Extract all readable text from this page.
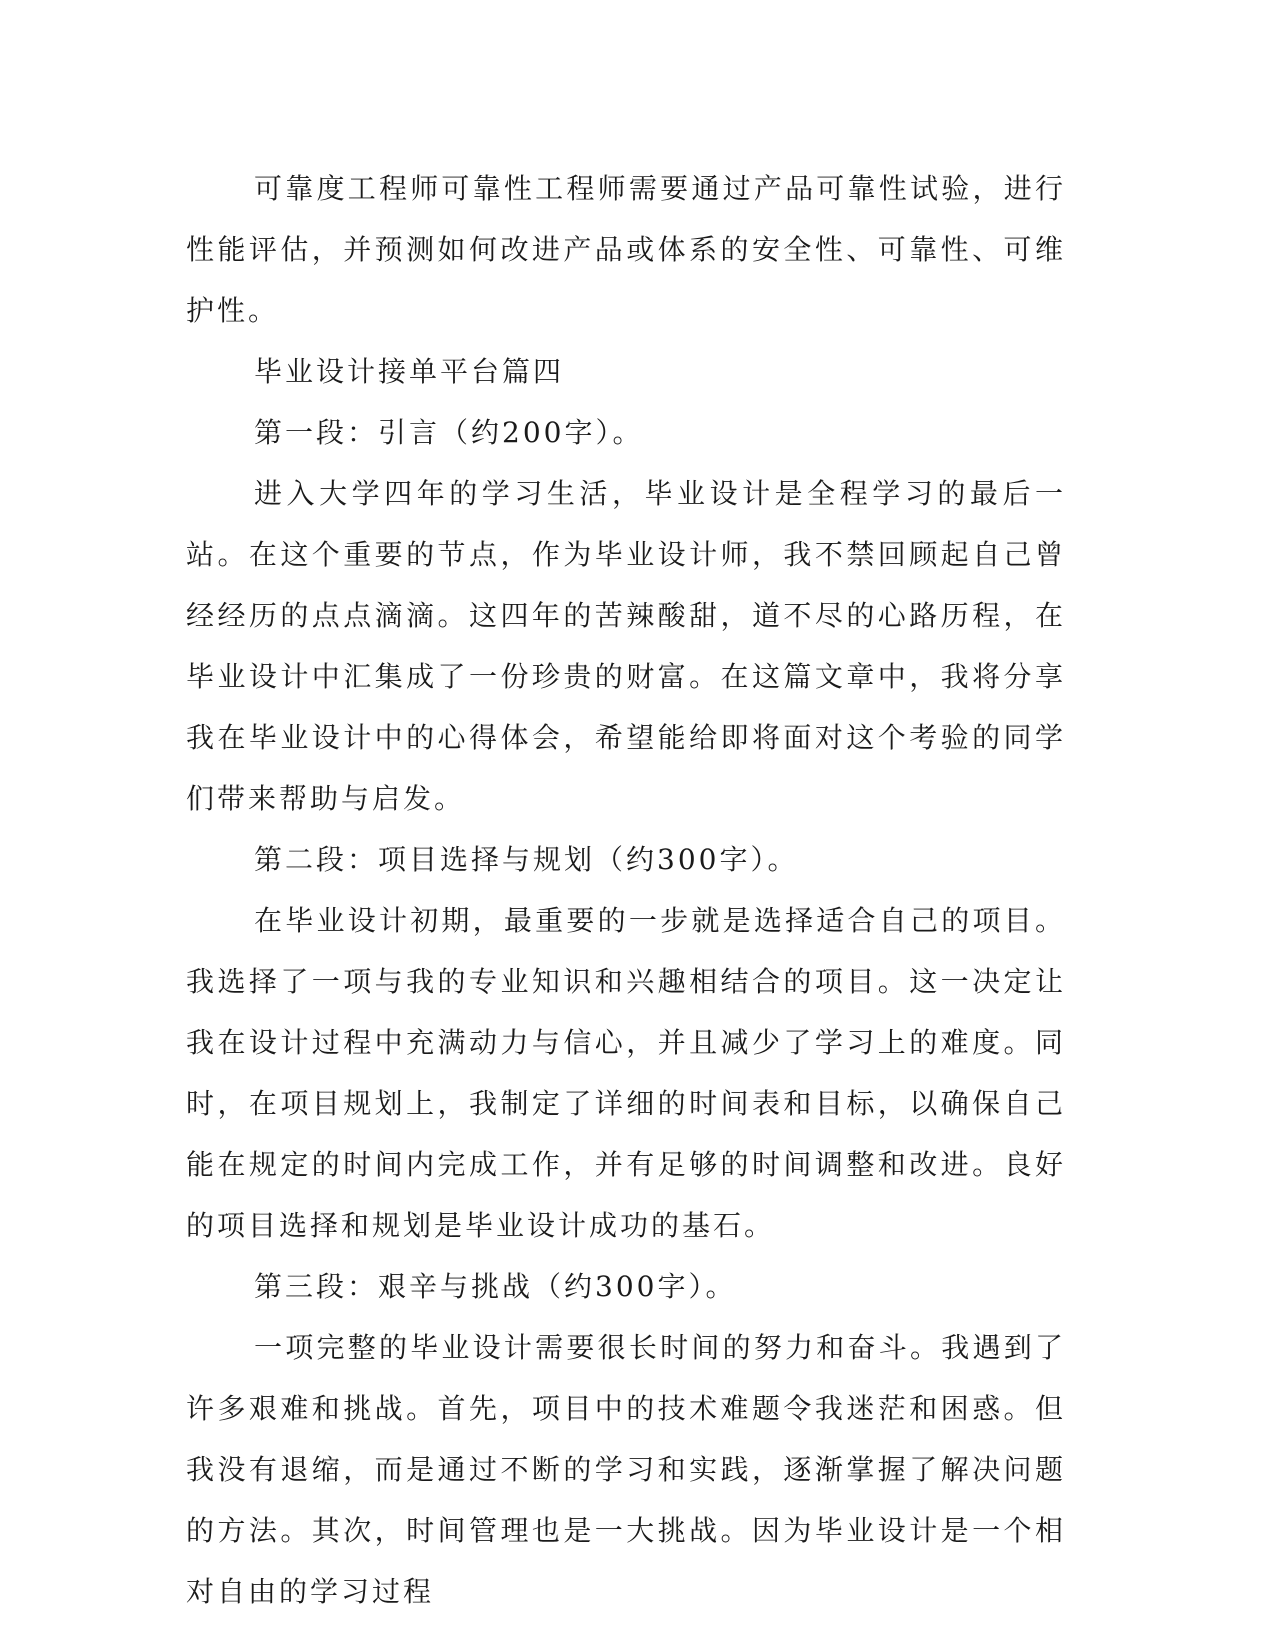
可靠度工程师可靠性工程师需要通过产品可靠性试验，进行性能评估，并预测如何改进产品或体系的安全性、可靠性、可维护性。

毕业设计接单平台篇四

第一段：引言（约200字）。

进入大学四年的学习生活，毕业设计是全程学习的最后一站。在这个重要的节点，作为毕业设计师，我不禁回顾起自己曾经经历的点点滴滴。这四年的苦辣酸甜，道不尽的心路历程，在毕业设计中汇集成了一份珍贵的财富。在这篇文章中，我将分享我在毕业设计中的心得体会，希望能给即将面对这个考验的同学们带来帮助与启发。

第二段：项目选择与规划（约300字）。

在毕业设计初期，最重要的一步就是选择适合自己的项目。我选择了一项与我的专业知识和兴趣相结合的项目。这一决定让我在设计过程中充满动力与信心，并且减少了学习上的难度。同时，在项目规划上，我制定了详细的时间表和目标，以确保自己能在规定的时间内完成工作，并有足够的时间调整和改进。良好的项目选择和规划是毕业设计成功的基石。

第三段：艰辛与挑战（约300字）。

一项完整的毕业设计需要很长时间的努力和奋斗。我遇到了许多艰难和挑战。首先，项目中的技术难题令我迷茫和困惑。但我没有退缩，而是通过不断的学习和实践，逐渐掌握了解决问题的方法。其次，时间管理也是一大挑战。因为毕业设计是一个相对自由的学习过程
